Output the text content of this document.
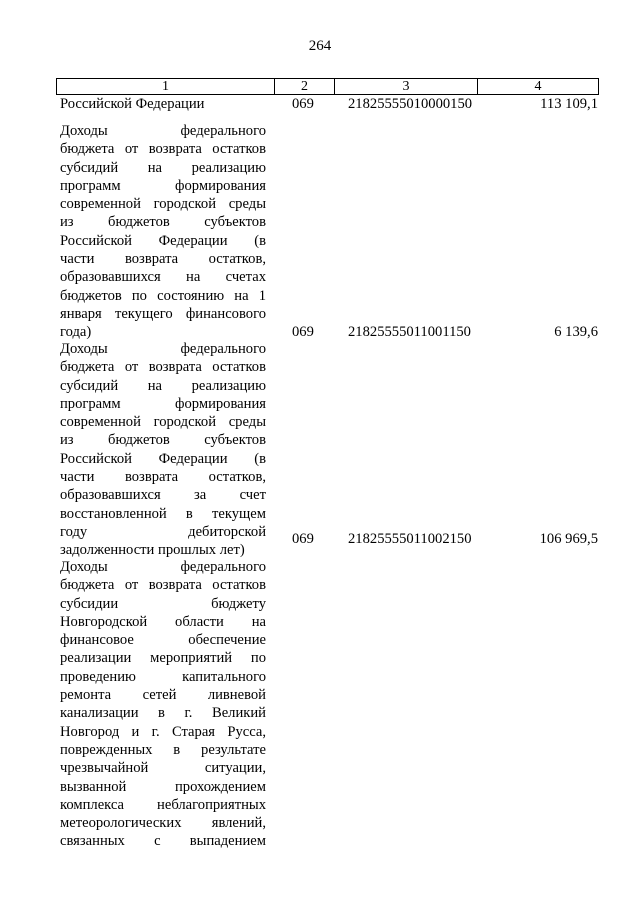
264
1	2	3	4
Российской Федерации	069	21825555010000150	113 109,1
Доходы федерального
бюджета от возврата остатков
субсидий на реализацию
программ формирования
современной городской среды
из бюджетов субъектов
Российской Федерации (в
части возврата остатков,
образовавшихся на счетах
бюджетов по состоянию на 1
января текущего финансового
года)	069	21825555011001150	6 139,6
Доходы федерального
бюджета от возврата остатков
субсидий на реализацию
программ формирования
современной городской среды
из бюджетов субъектов
Российской Федерации (в
части возврата остатков,
образовавшихся за счет
восстановленной в текущем
году дебиторской
задолженности прошлых лет)
069	21825555011002150	106 969,5
Доходы федерального
бюджета от возврата остатков
субсидии бюджету
Новгородской области на
финансовое обеспечение
реализации мероприятий по
проведению капитального
ремонта сетей ливневой
канализации в г. Великий
Новгород и г. Старая Русса,
поврежденных в результате
чрезвычайной ситуации,
вызванной прохождением
комплекса неблагоприятных
метеорологических явлений,
связанных с выпадением
